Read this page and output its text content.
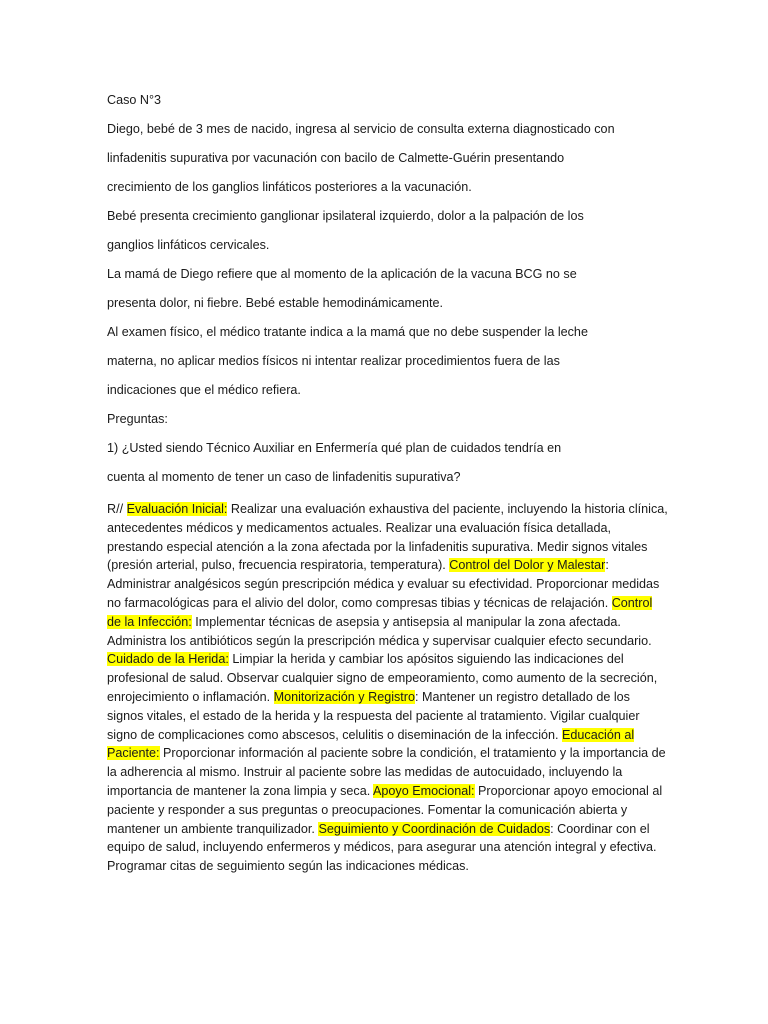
Caso N°3
Diego, bebé de 3 mes de nacido, ingresa al servicio de consulta externa diagnosticado con
linfadenitis supurativa por vacunación con bacilo de Calmette-Guérin presentando
crecimiento de los ganglios linfáticos posteriores a la vacunación.
Bebé presenta crecimiento ganglionar ipsilateral izquierdo, dolor a la palpación de los
ganglios linfáticos cervicales.
La mamá de Diego refiere que al momento de la aplicación de la vacuna BCG no se
presenta dolor, ni fiebre. Bebé estable hemodinámicamente.
Al examen físico, el médico tratante indica a la mamá que no debe suspender la leche
materna, no aplicar medios físicos ni intentar realizar procedimientos fuera de las
indicaciones que el médico refiera.
Preguntas:
1) ¿Usted siendo Técnico Auxiliar en Enfermería qué plan de cuidados tendría en
cuenta al momento de tener un caso de linfadenitis supurativa?

R// Evaluación Inicial: Realizar una evaluación exhaustiva del paciente, incluyendo la historia clínica, antecedentes médicos y medicamentos actuales. Realizar una evaluación física detallada, prestando especial atención a la zona afectada por la linfadenitis supurativa. Medir signos vitales (presión arterial, pulso, frecuencia respiratoria, temperatura). Control del Dolor y Malestar: Administrar analgésicos según prescripción médica y evaluar su efectividad. Proporcionar medidas no farmacológicas para el alivio del dolor, como compresas tibias y técnicas de relajación. Control de la Infección: Implementar técnicas de asepsia y antisepsia al manipular la zona afectada. Administra los antibióticos según la prescripción médica y supervisar cualquier efecto secundario. Cuidado de la Herida: Limpiar la herida y cambiar los apósitos siguiendo las indicaciones del profesional de salud. Observar cualquier signo de empeoramiento, como aumento de la secreción, enrojecimiento o inflamación. Monitorización y Registro: Mantener un registro detallado de los signos vitales, el estado de la herida y la respuesta del paciente al tratamiento. Vigilar cualquier signo de complicaciones como abscesos, celulitis o diseminación de la infección. Educación al Paciente: Proporcionar información al paciente sobre la condición, el tratamiento y la importancia de la adherencia al mismo. Instruir al paciente sobre las medidas de autocuidado, incluyendo la importancia de mantener la zona limpia y seca. Apoyo Emocional: Proporcionar apoyo emocional al paciente y responder a sus preguntas o preocupaciones. Fomentar la comunicación abierta y mantener un ambiente tranquilizador. Seguimiento y Coordinación de Cuidados: Coordinar con el equipo de salud, incluyendo enfermeros y médicos, para asegurar una atención integral y efectiva. Programar citas de seguimiento según las indicaciones médicas.
